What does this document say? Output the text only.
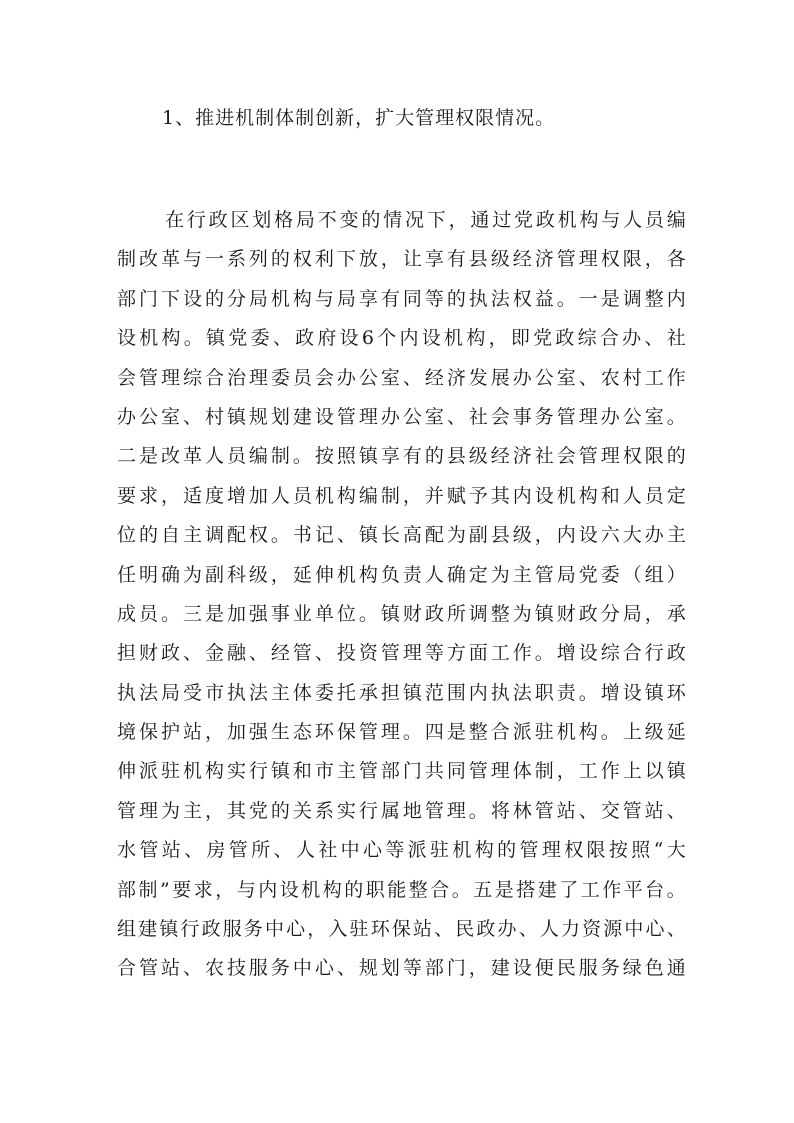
1、推进机制体制创新，扩大管理权限情况。
在行政区划格局不变的情况下，通过党政机构与人员编
制改革与一系列的权利下放，让享有县级经济管理权限，各
部门下设的分局机构与局享有同等的执法权益。一是调整内
设机构。镇党委、政府设6个内设机构，即党政综合办、社
会管理综合治理委员会办公室、经济发展办公室、农村工作
办公室、村镇规划建设管理办公室、社会事务管理办公室。
二是改革人员编制。按照镇享有的县级经济社会管理权限的
要求，适度增加人员机构编制，并赋予其内设机构和人员定
位的自主调配权。书记、镇长高配为副县级，内设六大办主
任明确为副科级，延伸机构负责人确定为主管局党委（组）
成员。三是加强事业单位。镇财政所调整为镇财政分局，承
担财政、金融、经管、投资管理等方面工作。增设综合行政
执法局受市执法主体委托承担镇范围内执法职责。增设镇环
境保护站，加强生态环保管理。四是整合派驻机构。上级延
伸派驻机构实行镇和市主管部门共同管理体制，工作上以镇
管理为主，其党的关系实行属地管理。将林管站、交管站、
水管站、房管所、人社中心等派驻机构的管理权限按照“大
部制”要求，与内设机构的职能整合。五是搭建了工作平台。
组建镇行政服务中心，入驻环保站、民政办、人力资源中心、
合管站、农技服务中心、规划等部门，建设便民服务绿色通
